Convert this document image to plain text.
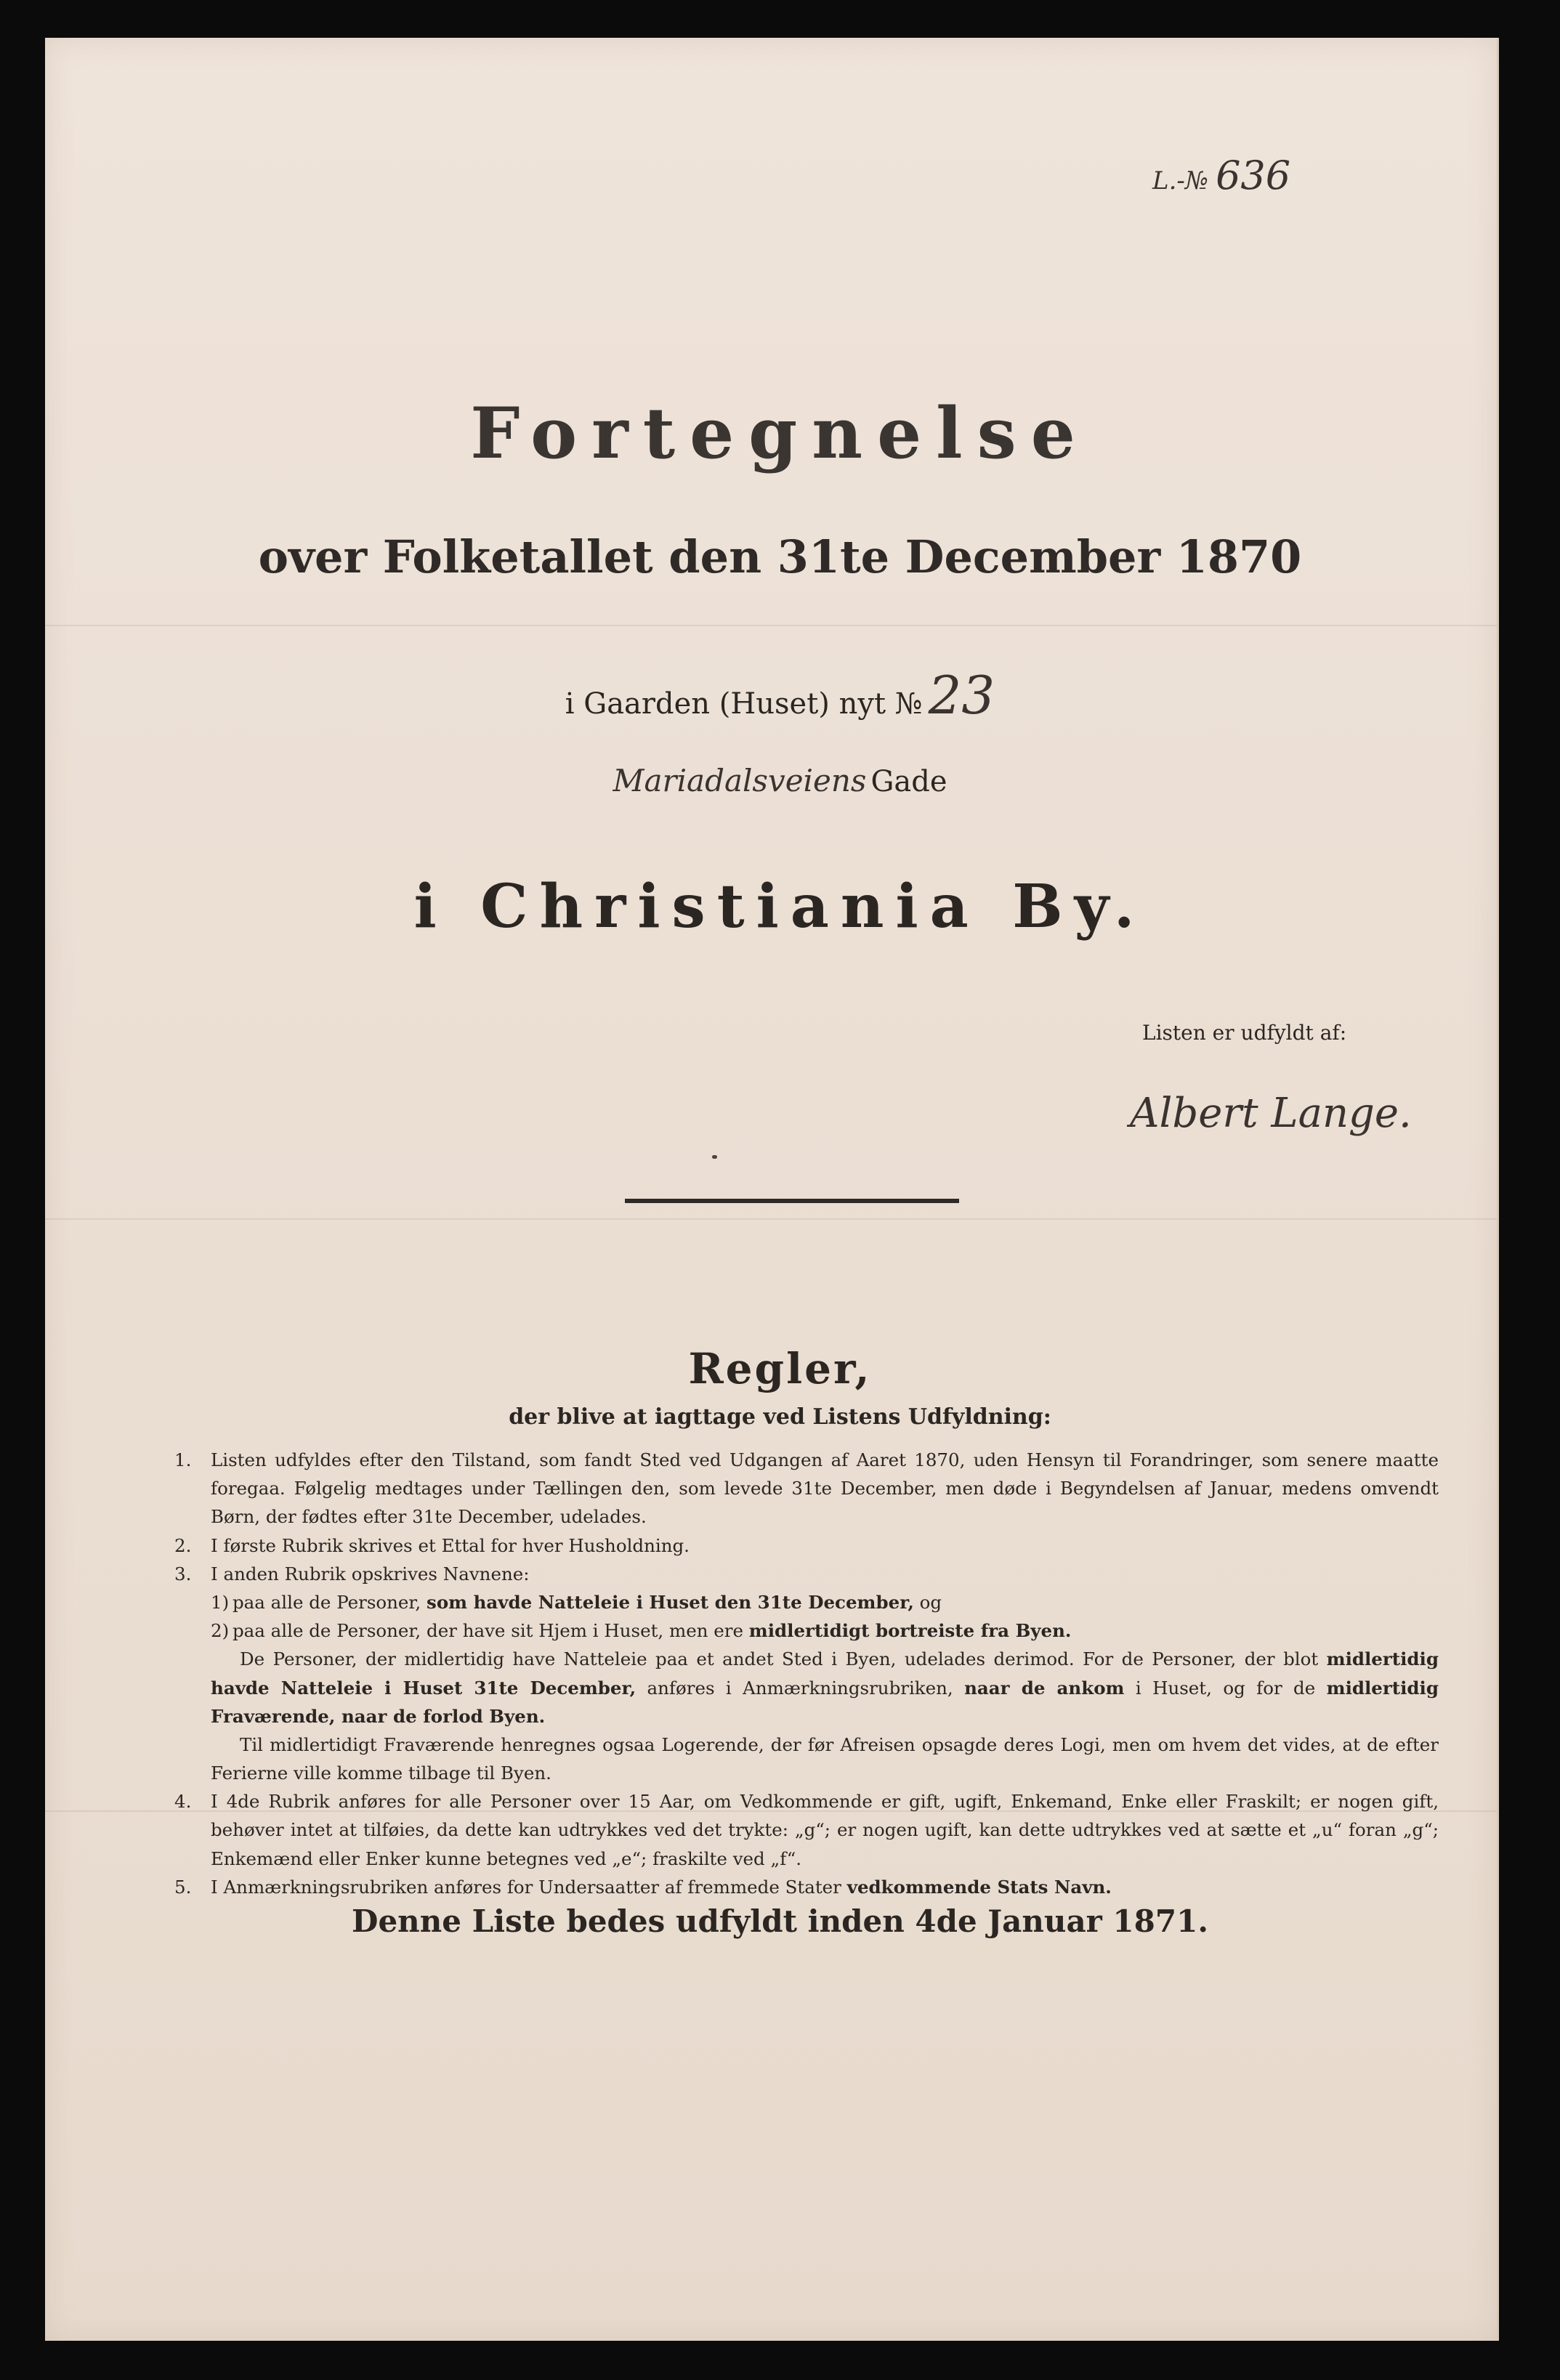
L.-№ 636
Fortegnelse
over Folketallet den 31te December 1870
i Gaarden (Huset) nyt № 23
Mariadalsveiens Gade
i Christiania By.
Listen er udfyldt af:
Albert Lange.
Regler,
der blive at iagttage ved Listens Udfyldning:

1. Listen udfyldes efter den Tilstand, som fandt Sted ved Udgangen af Aaret 1870, uden Hensyn til Forandringer, som senere maatte foregaa. Følgelig medtages under Tællingen den, som levede 31te December, men døde i Begyndelsen af Januar, medens omvendt Børn, der fødtes efter 31te December, udelades.

2. I første Rubrik skrives et Ettal for hver Husholdning.

3. I anden Rubrik opskrives Navnene:

1) paa alle de Personer, som havde Natteleie i Huset den 31te December, og

2) paa alle de Personer, der have sit Hjem i Huset, men ere midlertidigt bortreiste fra Byen.

De Personer, der midlertidig have Natteleie paa et andet Sted i Byen, udelades derimod. For de Personer, der blot midlertidig havde Natteleie i Huset 31te December, anføres i Anmærkningsrubriken, naar de ankom i Huset, og for de midlertidig Fraværende, naar de forlod Byen.

Til midlertidigt Fraværende henregnes ogsaa Logerende, der før Afreisen opsagde deres Logi, men om hvem det vides, at de efter Ferierne ville komme tilbage til Byen.

4. I 4de Rubrik anføres for alle Personer over 15 Aar, om Vedkommende er gift, ugift, Enkemand, Enke eller Fraskilt; er nogen gift, behøver intet at tilføies, da dette kan udtrykkes ved det trykte: „g“; er nogen ugift, kan dette udtrykkes ved at sætte et „u“ foran „g“; Enkemænd eller Enker kunne betegnes ved „e“; fraskilte ved „f“.

5. I Anmærkningsrubriken anføres for Undersaatter af fremmede Stater vedkommende Stats Navn.

Denne Liste bedes udfyldt inden 4de Januar 1871.
